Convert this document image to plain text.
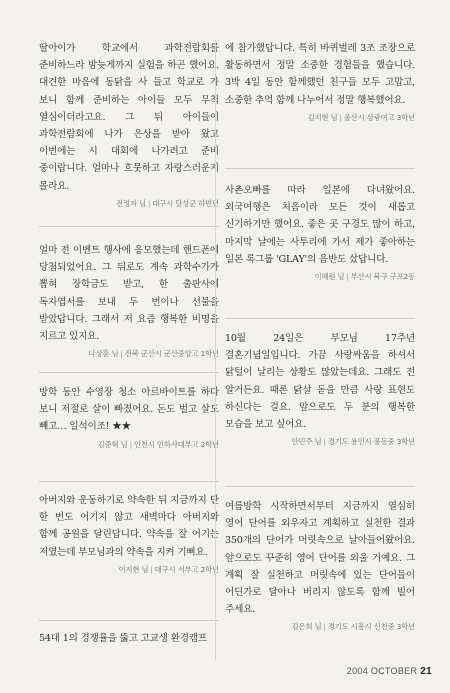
딸아이가 학교에서 과학전람회를 준비하느라 밤늦게까지 실험을 하곤 했어요. 대견한 마음에 동닭을 사 들고 학교로 가 보니 함께 준비하는 아이들 모두 무척 열심이더라고요. 그 뒤 아이들이 과학전람회에 나가 은상을 받아 왔고 이번에는 시 대회에 나가려고 준비 중이랍니다. 얼마나 흐뭇하고 자랑스러운지 몰라요.

전정자 님 | 대구시 달성군 하빈면

얼마 전 이벤트 행사에 응모했는데 핸드폰에 당첨되었어요. 그 뒤로도 계속 과학수가가 뽑혀 장학금도 받고, 한 출판사에 독자엽서를 보내 두 번이나 선물을 받았답니다. 그래서 저 요즘 행복한 비명을 지르고 있지요.

나상훈 님 | 전북 군산시 군산중앙고 1학년

방학 동안 수영장 청소 아르바이트를 하다 보니 저절로 살이 빠졌어요. 돈도 벌고 살도 빼고… 일석이조! ★★

김준혁 님 | 인천시 인하사대부고 2학년

아버지와 운동하기로 약속한 뒤 지금까지 단 한 번도 어기지 않고 새벽마다 아버지와 함께 공원을 달린답니다. 약속을 잘 어기는 저였는데 부모님과의 약속을 지켜 기뻐요.

이지현 님 | 대구시 서부고 2학년

54대 1의 경쟁률을 뚫고 고교생 환경캠프

에 참가했답니다. 특히 바퀴벌레 3조 조장으로 활동하면서 정말 소중한 경험들을 했습니다. 3박 4일 동안 함께했던 친구들 모두 고맙고, 소중한 추억 함께 나누어서 정말 행복했어요.

김지현 님 | 울산시 삼광여고 3학년

사촌오빠를 따라 일본에 다녀왔어요. 외국여행은 처음이라 모든 것이 새롭고 신기하기만 했어요. 좋은 곳 구경도 많이 하고, 마지막 날에는 사투리에 가서 제가 좋아하는 일본 록그룹 'GLAY'의 음반도 샀답니다.

이혜원 님 | 부산시 북구 구포2동

10월 24일은 부모님 17주년 결혼기념일입니다. 가끔 사랑싸움을 하셔서 닭털이 날리는 상황도 많았는데요. 그래도 전 알거든요. 때론 닭살 돋을 만큼 사랑 표현도 하신다는 걸요. 앞으로도 두 분의 행복한 모습을 보고 싶어요.

안민주 님 | 경기도 용인시 풍동중 3학년

여름방학 시작하면서부터 지금까지 열심히 영어 단어를 외우자고 계획하고 실천한 결과 350개의 단어가 머릿속으로 날아들어왔어요. 앞으로도 꾸준히 영어 단어를 외울 거예요. 그 계획 잘 실천하고 머릿속에 있는 단어들이 어딘가로 달아나 버리지 않도록 함께 빌어 주세요.

김은희 님 | 경기도 시흥시 신천중 3학년
2004 OCTOBER 21
